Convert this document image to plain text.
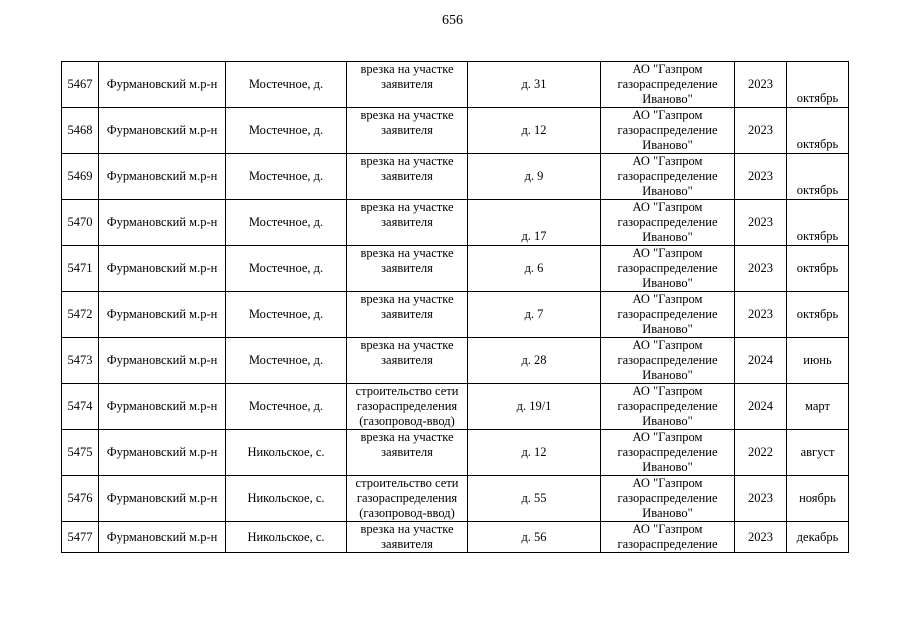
656
5467	Фурмановский м.р-н	Мостечное, д.	врезка на участке заявителя	д. 31	АО "Газпром газораспределение Иваново"	2023	октябрь
5468	Фурмановский м.р-н	Мостечное, д.	врезка на участке заявителя	д. 12	АО "Газпром газораспределение Иваново"	2023	октябрь
5469	Фурмановский м.р-н	Мостечное, д.	врезка на участке заявителя	д. 9	АО "Газпром газораспределение Иваново"	2023	октябрь
5470	Фурмановский м.р-н	Мостечное, д.	врезка на участке заявителя	д. 17	АО "Газпром газораспределение Иваново"	2023	октябрь
5471	Фурмановский м.р-н	Мостечное, д.	врезка на участке заявителя	д. 6	АО "Газпром газораспределение Иваново"	2023	октябрь
5472	Фурмановский м.р-н	Мостечное, д.	врезка на участке заявителя	д. 7	АО "Газпром газораспределение Иваново"	2023	октябрь
5473	Фурмановский м.р-н	Мостечное, д.	врезка на участке заявителя	д. 28	АО "Газпром газораспределение Иваново"	2024	июнь
5474	Фурмановский м.р-н	Мостечное, д.	строительство сети газораспределения (газопровод-ввод)	д. 19/1	АО "Газпром газораспределение Иваново"	2024	март
5475	Фурмановский м.р-н	Никольское, с.	врезка на участке заявителя	д. 12	АО "Газпром газораспределение Иваново"	2022	август
5476	Фурмановский м.р-н	Никольское, с.	строительство сети газораспределения (газопровод-ввод)	д. 55	АО "Газпром газораспределение Иваново"	2023	ноябрь
5477	Фурмановский м.р-н	Никольское, с.	врезка на участке заявителя	д. 56	АО "Газпром газораспределение	2023	декабрь
